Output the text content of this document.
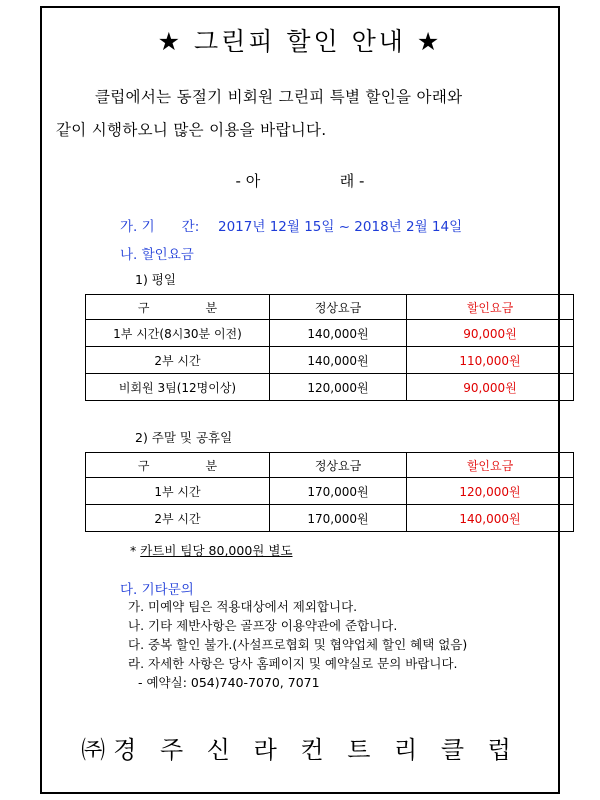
★ 그린피 할인 안내 ★
클럽에서는 동절기 비회원 그린피 특별 할인을 아래와
같이 시행하오니 많은 이용을 바랍니다.
- 아	래 -
가. 기　　간: 2017년 12월 15일 ~ 2018년 2월 14일
나. 할인요금
1) 평일
구　분	정상요금	할인요금
1부 시간(8시30분 이전)	140,000원	90,000원
2부 시간	140,000원	110,000원
비회원 3팀(12명이상)	120,000원	90,000원
2) 주말 및 공휴일
구　분	정상요금	할인요금
1부 시간	170,000원	120,000원
2부 시간	170,000원	140,000원
* 카트비 팀당 80,000원 별도
다. 기타문의
가. 미예약 팀은 적용대상에서 제외합니다.
나. 기타 제반사항은 골프장 이용약관에 준합니다.
다. 중복 할인 불가.(사설프로협회 및 협약업체 할인 혜택 없음)
라. 자세한 사항은 당사 홈페이지 및 예약실로 문의 바랍니다.
- 예약실: 054)740-7070, 7071
㈜경 주 신 라 컨 트 리 클 럽
